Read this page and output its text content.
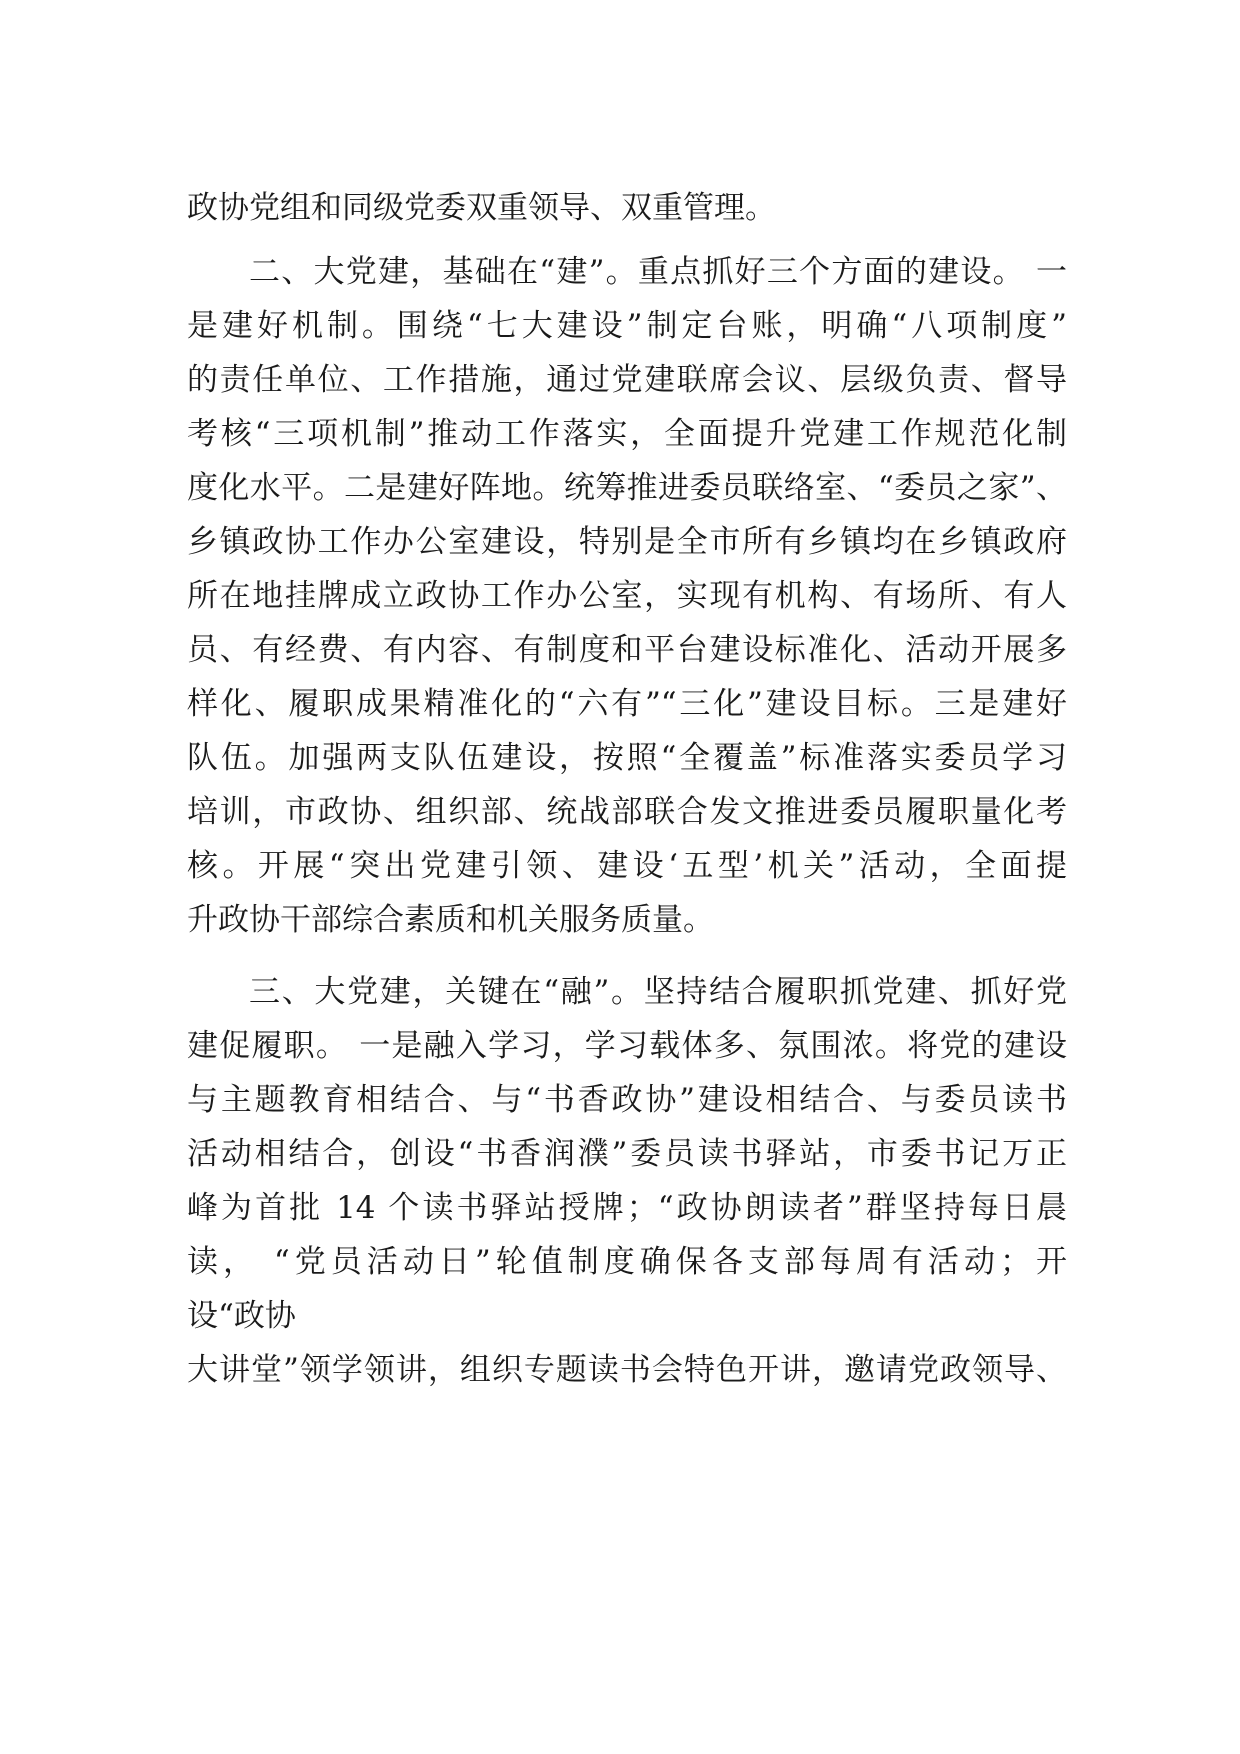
政协党组和同级党委双重领导、双重管理。
二、大党建，基础在“建”。重点抓好三个方面的建设。 一
是建好机制。围绕“七大建设”制定台账，明确“八项制度”
的责任单位、工作措施，通过党建联席会议、层级负责、督导
考核“三项机制”推动工作落实，全面提升党建工作规范化制
度化水平。二是建好阵地。统筹推进委员联络室、“委员之家”、
乡镇政协工作办公室建设，特别是全市所有乡镇均在乡镇政府
所在地挂牌成立政协工作办公室，实现有机构、有场所、有人
员、有经费、有内容、有制度和平台建设标准化、活动开展多
样化、履职成果精准化的“六有”“三化”建设目标。三是建好
队伍。加强两支队伍建设，按照“全覆盖”标准落实委员学习
培训，市政协、组织部、统战部联合发文推进委员履职量化考
核。开展“突出党建引领、建设‘五型’机关”活动，全面提
升政协干部综合素质和机关服务质量。
三、大党建，关键在“融”。坚持结合履职抓党建、抓好党
建促履职。 一是融入学习，学习载体多、氛围浓。将党的建设
与主题教育相结合、与“书香政协”建设相结合、与委员读书
活动相结合，创设“书香润濮”委员读书驿站，市委书记万正
峰为首批 14 个读书驿站授牌；“政协朗读者”群坚持每日晨
读， “党员活动日”轮值制度确保各支部每周有活动；开
设“政协
大讲堂”领学领讲，组织专题读书会特色开讲，邀请党政领导、
